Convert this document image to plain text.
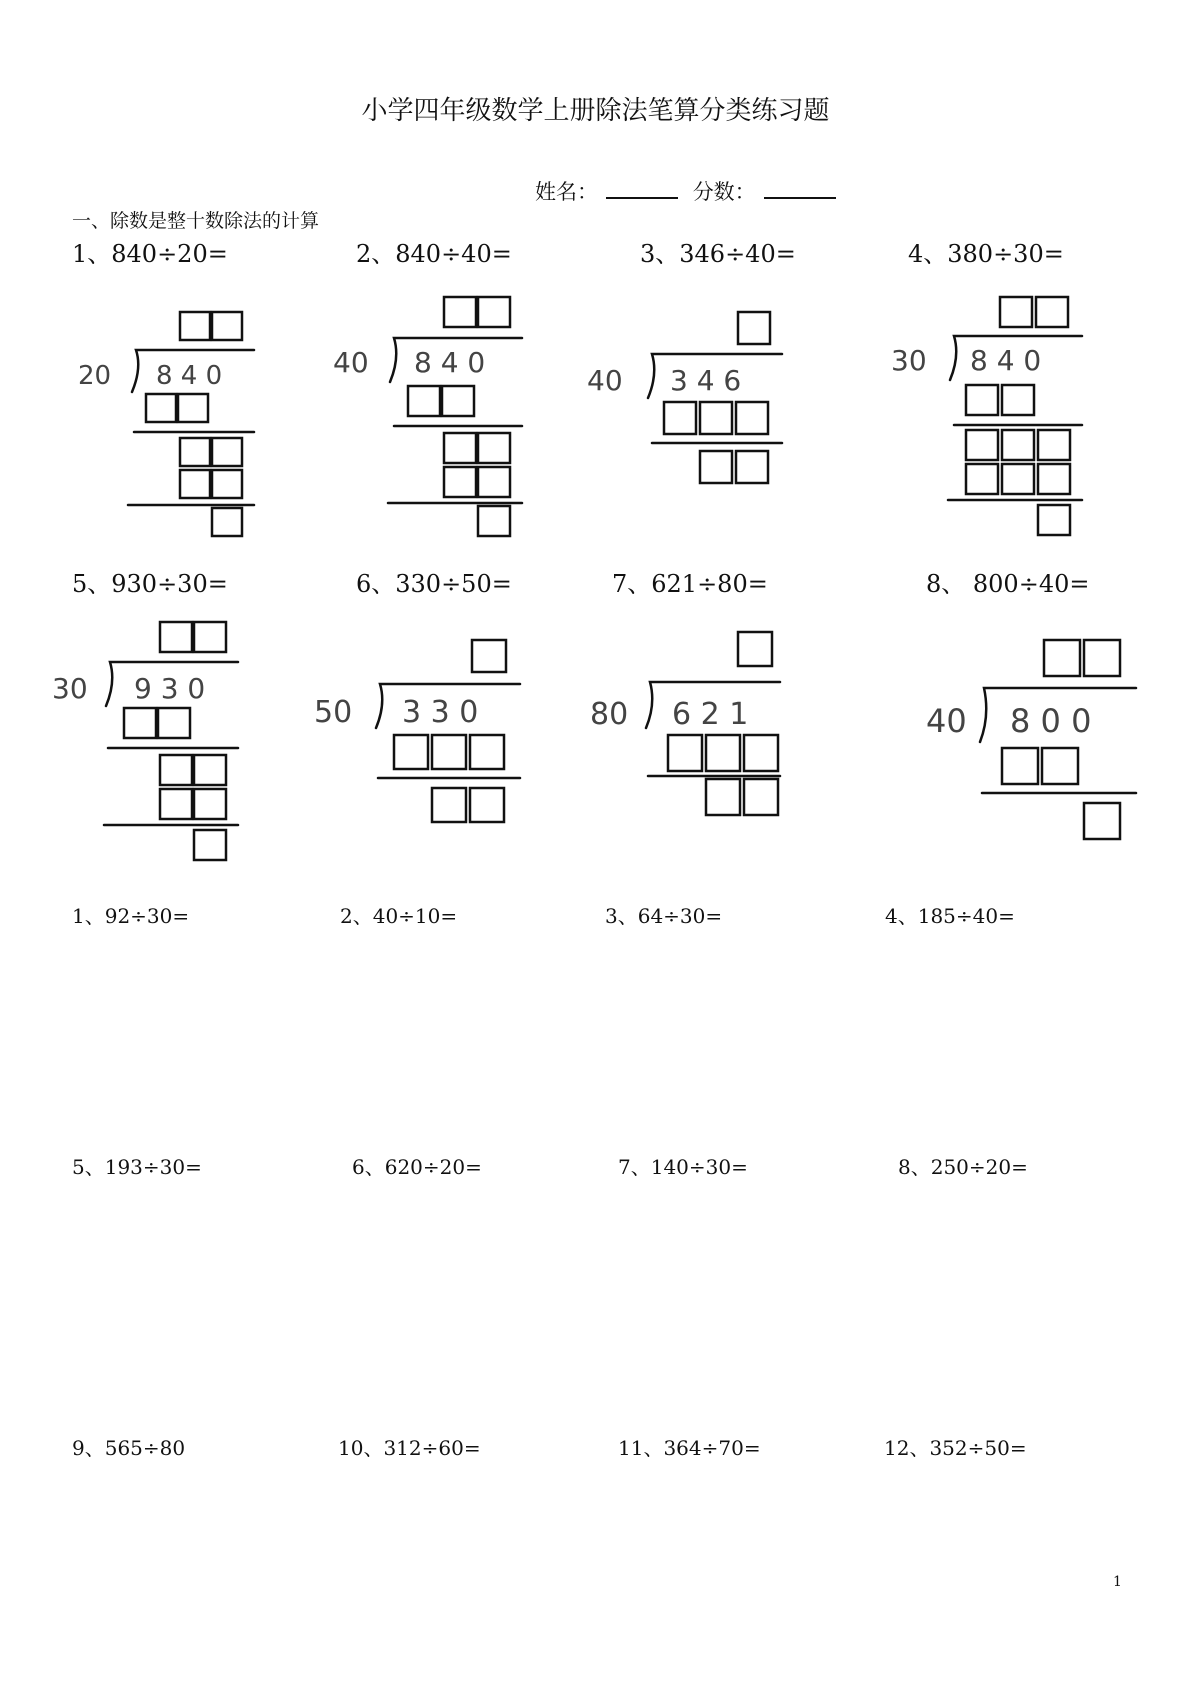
小学四年级数学上册除法笔算分类练习题
姓名：	分数：
一、除数是整十数除法的计算
1、840÷20=	2、840÷40=	3、346÷40=	4、380÷30=
5、930÷30=	6、330÷50=	7、621÷80=	8、 800÷40=
20 8 4 0	40 8 4 0
40 3 4 6
30 8 4 0
30 9 3 0
50 3 3 0	80 6 2 1	40 8 0 0
1、92÷30=	2、40÷10=	3、64÷30=	4、185÷40=
5、193÷30=	6、620÷20=	7、140÷30=	8、250÷20=
9、565÷80	10、312÷60=	11、364÷70=	12、352÷50=
1
